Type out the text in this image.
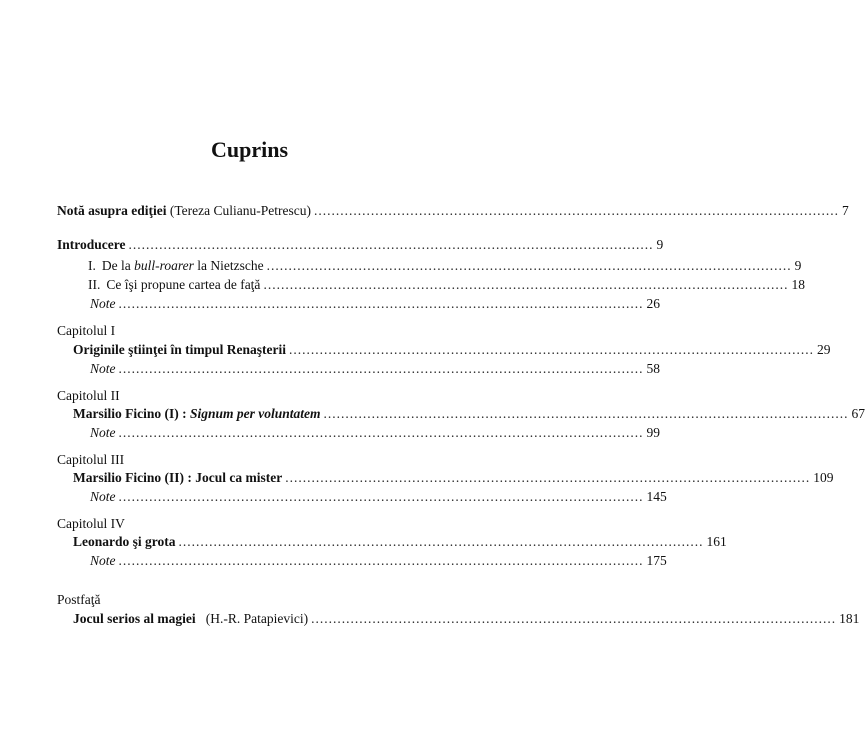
Cuprins
Notă asupra ediţiei (Tereza Culianu-Petrescu) ........................................................................................................................ 7
Introducere ........................................................................................................................ 9
I. De la bull-roarer la Nietzsche ........................................................................................................................ 9
II. Ce îşi propune cartea de faţă ........................................................................................................................ 18
Note ........................................................................................................................ 26
Capitolul I
Originile ştiinţei în timpul Renaşterii ........................................................................................................................ 29
Note ........................................................................................................................ 58
Capitolul II
Marsilio Ficino (I) : Signum per voluntatem ........................................................................................................................ 67
Note ........................................................................................................................ 99
Capitolul III
Marsilio Ficino (II) : Jocul ca mister ........................................................................................................................ 109
Note ........................................................................................................................ 145
Capitolul IV
Leonardo şi grota ........................................................................................................................ 161
Note ........................................................................................................................ 175
Postfaţă
Jocul serios al magiei (H.-R. Patapievici) ........................................................................................................................ 181
